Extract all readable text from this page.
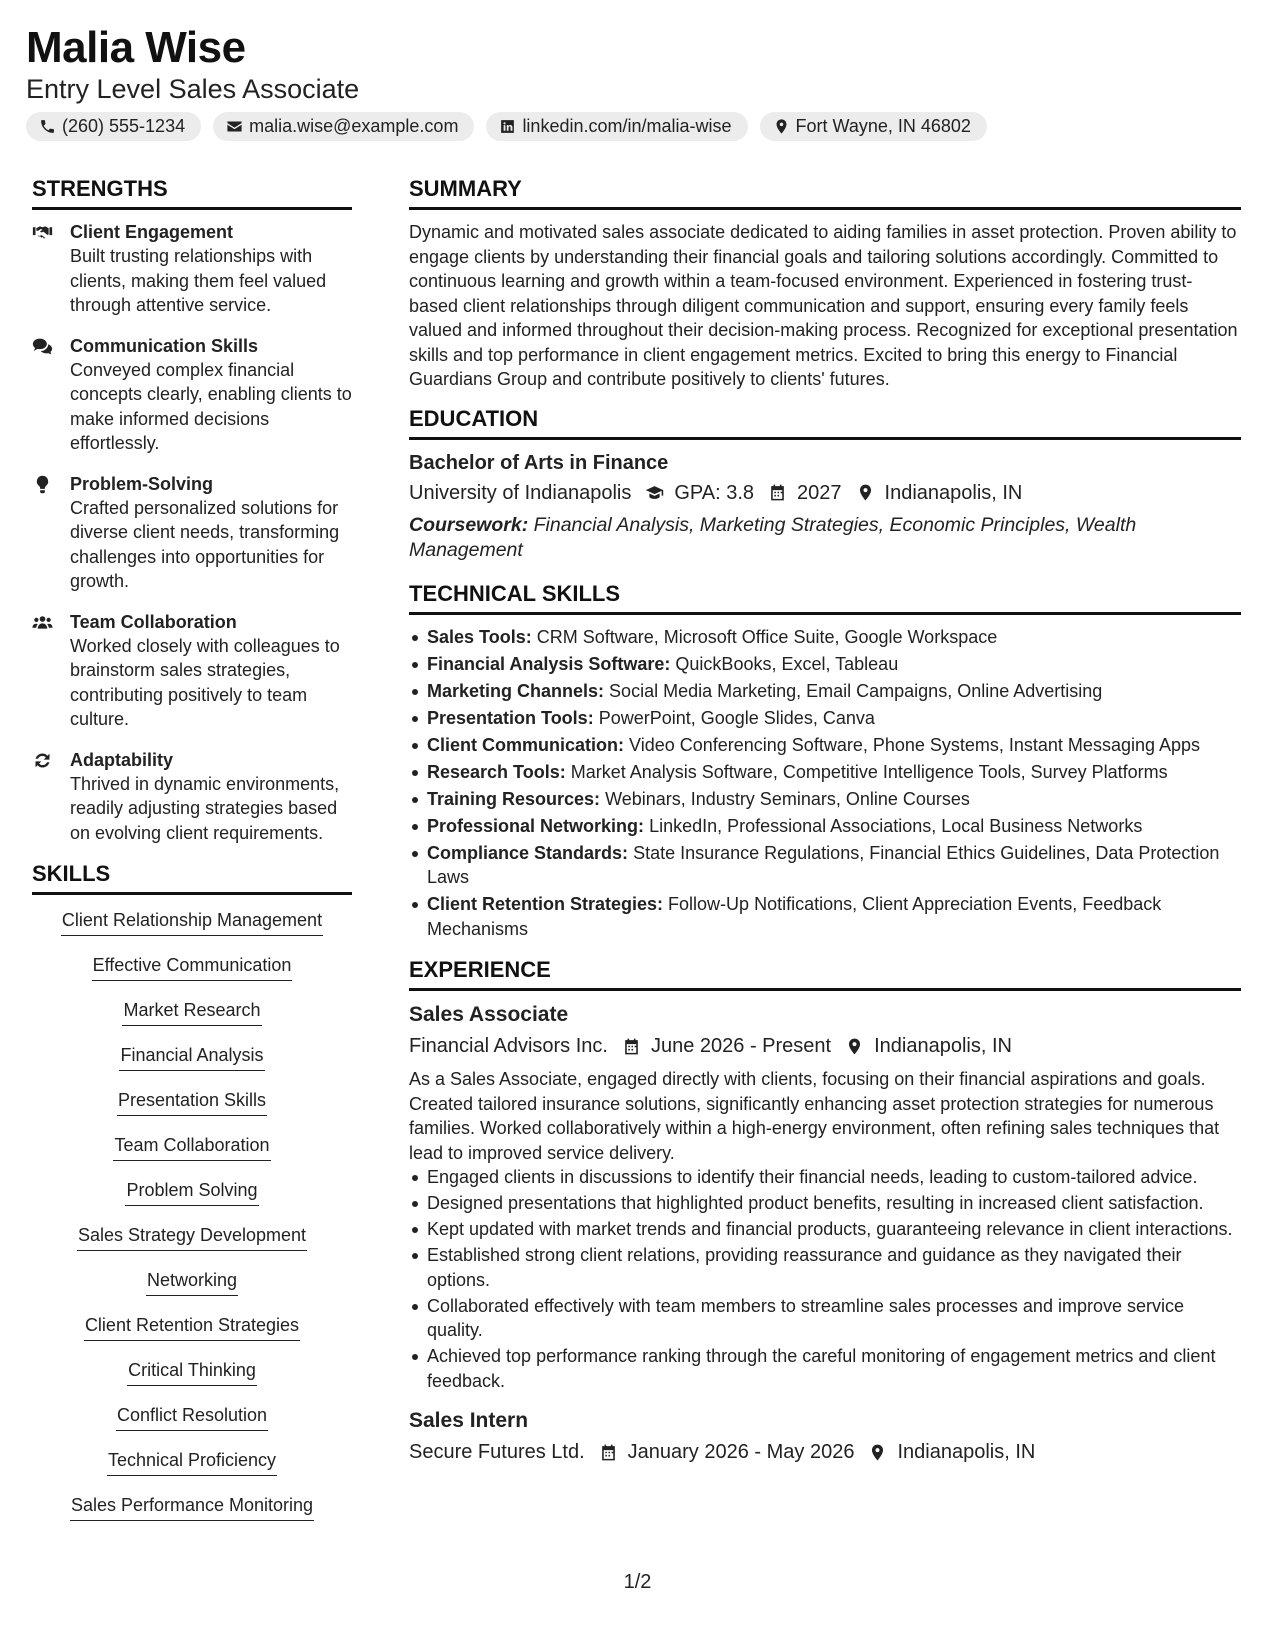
Malia Wise
Entry Level Sales Associate
(260) 555-1234	malia.wise@example.com	linkedin.com/in/malia-wise	Fort Wayne, IN 46802
STRENGTHS
Client Engagement
Built trusting relationships with clients, making them feel valued through attentive service.
Communication Skills
Conveyed complex financial concepts clearly, enabling clients to make informed decisions effortlessly.
Problem-Solving
Crafted personalized solutions for diverse client needs, transforming challenges into opportunities for growth.
Team Collaboration
Worked closely with colleagues to brainstorm sales strategies, contributing positively to team culture.
Adaptability
Thrived in dynamic environments, readily adjusting strategies based on evolving client requirements.
SKILLS
Client Relationship Management
Effective Communication
Market Research
Financial Analysis
Presentation Skills
Team Collaboration
Problem Solving
Sales Strategy Development
Networking
Client Retention Strategies
Critical Thinking
Conflict Resolution
Technical Proficiency
Sales Performance Monitoring
SUMMARY
Dynamic and motivated sales associate dedicated to aiding families in asset protection. Proven ability to engage clients by understanding their financial goals and tailoring solutions accordingly. Committed to continuous learning and growth within a team-focused environment. Experienced in fostering trust-based client relationships through diligent communication and support, ensuring every family feels valued and informed throughout their decision-making process. Recognized for exceptional presentation skills and top performance in client engagement metrics. Excited to bring this energy to Financial Guardians Group and contribute positively to clients' futures.
EDUCATION
Bachelor of Arts in Finance
University of Indianapolis GPA: 3.8 2027 Indianapolis, IN
Coursework: Financial Analysis, Marketing Strategies, Economic Principles, Wealth Management
TECHNICAL SKILLS
Sales Tools: CRM Software, Microsoft Office Suite, Google Workspace
Financial Analysis Software: QuickBooks, Excel, Tableau
Marketing Channels: Social Media Marketing, Email Campaigns, Online Advertising
Presentation Tools: PowerPoint, Google Slides, Canva
Client Communication: Video Conferencing Software, Phone Systems, Instant Messaging Apps
Research Tools: Market Analysis Software, Competitive Intelligence Tools, Survey Platforms
Training Resources: Webinars, Industry Seminars, Online Courses
Professional Networking: LinkedIn, Professional Associations, Local Business Networks
Compliance Standards: State Insurance Regulations, Financial Ethics Guidelines, Data Protection Laws
Client Retention Strategies: Follow-Up Notifications, Client Appreciation Events, Feedback Mechanisms
EXPERIENCE
Sales Associate
Financial Advisors Inc. June 2026 - Present Indianapolis, IN
As a Sales Associate, engaged directly with clients, focusing on their financial aspirations and goals. Created tailored insurance solutions, significantly enhancing asset protection strategies for numerous families. Worked collaboratively within a high-energy environment, often refining sales techniques that lead to improved service delivery.
Engaged clients in discussions to identify their financial needs, leading to custom-tailored advice.
Designed presentations that highlighted product benefits, resulting in increased client satisfaction.
Kept updated with market trends and financial products, guaranteeing relevance in client interactions.
Established strong client relations, providing reassurance and guidance as they navigated their options.
Collaborated effectively with team members to streamline sales processes and improve service quality.
Achieved top performance ranking through the careful monitoring of engagement metrics and client feedback.
Sales Intern
Secure Futures Ltd. January 2026 - May 2026 Indianapolis, IN
1/2
